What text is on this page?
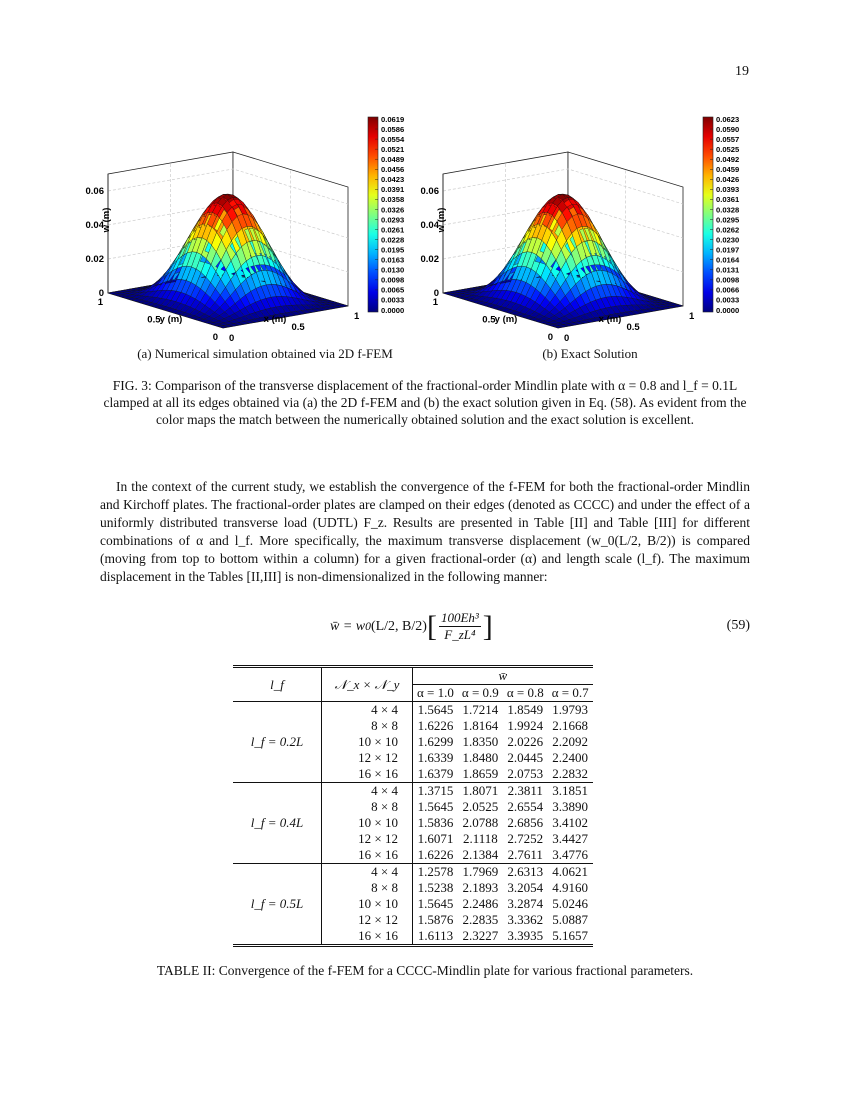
19
0.06
0.04
0.02
0
w (m)
1
0.5
0
y (m)
0
0.5
1
x (m)
0.0619
0.0586
0.0554
0.0521
0.0489
0.0456
0.0423
0.0391
0.0358
0.0326
0.0293
0.0261
0.0228
0.0195
0.0163
0.0130
0.0098
0.0065
0.0033
0.0000
0.06
0.04
0.02
0
w (m)
1
0.5
0
y (m)
0
0.5
1
x (m)
0.0623
0.0590
0.0557
0.0525
0.0492
0.0459
0.0426
0.0393
0.0361
0.0328
0.0295
0.0262
0.0230
0.0197
0.0164
0.0131
0.0098
0.0066
0.0033
0.0000
(a) Numerical simulation obtained via 2D f-FEM	(b) Exact Solution
FIG. 3: Comparison of the transverse displacement of the fractional-order Mindlin plate with α = 0.8 and l_f = 0.1L clamped at all its edges obtained via (a) the 2D f-FEM and (b) the exact solution given in Eq. (58). As evident from the color maps the match between the numerically obtained solution and the exact solution is excellent.
In the context of the current study, we establish the convergence of the f-FEM for both the fractional-order Mindlin and Kirchoff plates. The fractional-order plates are clamped on their edges (denoted as CCCC) and under the effect of a uniformly distributed transverse load (UDTL) F_z. Results are presented in Table [II] and Table [III] for different combinations of α and l_f. More specifically, the maximum transverse displacement (w_0(L/2, B/2)) is compared (moving from top to bottom within a column) for a given fractional-order (α) and length scale (l_f). The maximum displacement in the Tables [II,III] is non-dimensionalized in the following manner:
w̄ = w 0 (L/2, B/2) [ $\frac{\text{100Eh³}}{\text{F\_zL⁴}}$ ]	(59)
l_f	𝒩_x × 𝒩_y	w̄			
		α = 1.0	α = 0.9	α = 0.8	α = 0.7
l_f = 0.2L	4 × 4	1.5645	1.7214	1.8549	1.9793
	8 × 8	1.6226	1.8164	1.9924	2.1668
	10 × 10	1.6299	1.8350	2.0226	2.2092
	12 × 12	1.6339	1.8480	2.0445	2.2400
	16 × 16	1.6379	1.8659	2.0753	2.2832
l_f = 0.4L	4 × 4	1.3715	1.8071	2.3811	3.1851
	8 × 8	1.5645	2.0525	2.6554	3.3890
	10 × 10	1.5836	2.0788	2.6856	3.4102
	12 × 12	1.6071	2.1118	2.7252	3.4427
	16 × 16	1.6226	2.1384	2.7611	3.4776
l_f = 0.5L	4 × 4	1.2578	1.7969	2.6313	4.0621
	8 × 8	1.5238	2.1893	3.2054	4.9160
	10 × 10	1.5645	2.2486	3.2874	5.0246
	12 × 12	1.5876	2.2835	3.3362	5.0887
	16 × 16	1.6113	2.3227	3.3935	5.1657
TABLE II: Convergence of the f-FEM for a CCCC-Mindlin plate for various fractional parameters.
